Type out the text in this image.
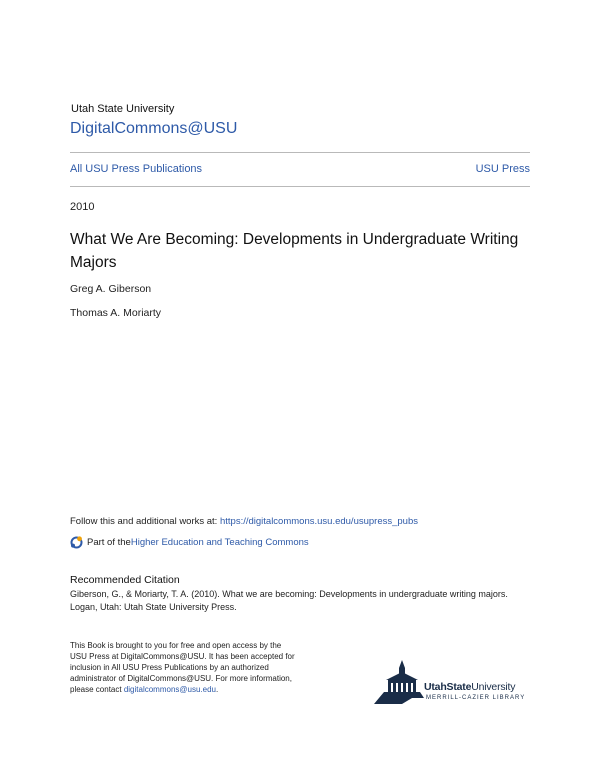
Utah State University
DigitalCommons@USU
All USU Press Publications	USU Press
2010
What We Are Becoming: Developments in Undergraduate Writing Majors
Greg A. Giberson
Thomas A. Moriarty
Follow this and additional works at: https://digitalcommons.usu.edu/usupress_pubs
Part of the Higher Education and Teaching Commons
Recommended Citation
Giberson, G., & Moriarty, T. A. (2010). What we are becoming: Developments in undergraduate writing majors. Logan, Utah: Utah State University Press.
This Book is brought to you for free and open access by the USU Press at DigitalCommons@USU. It has been accepted for inclusion in All USU Press Publications by an authorized administrator of DigitalCommons@USU. For more information, please contact digitalcommons@usu.edu.	UtahStateUniversity
MERRILL-CAZIER LIBRARY
